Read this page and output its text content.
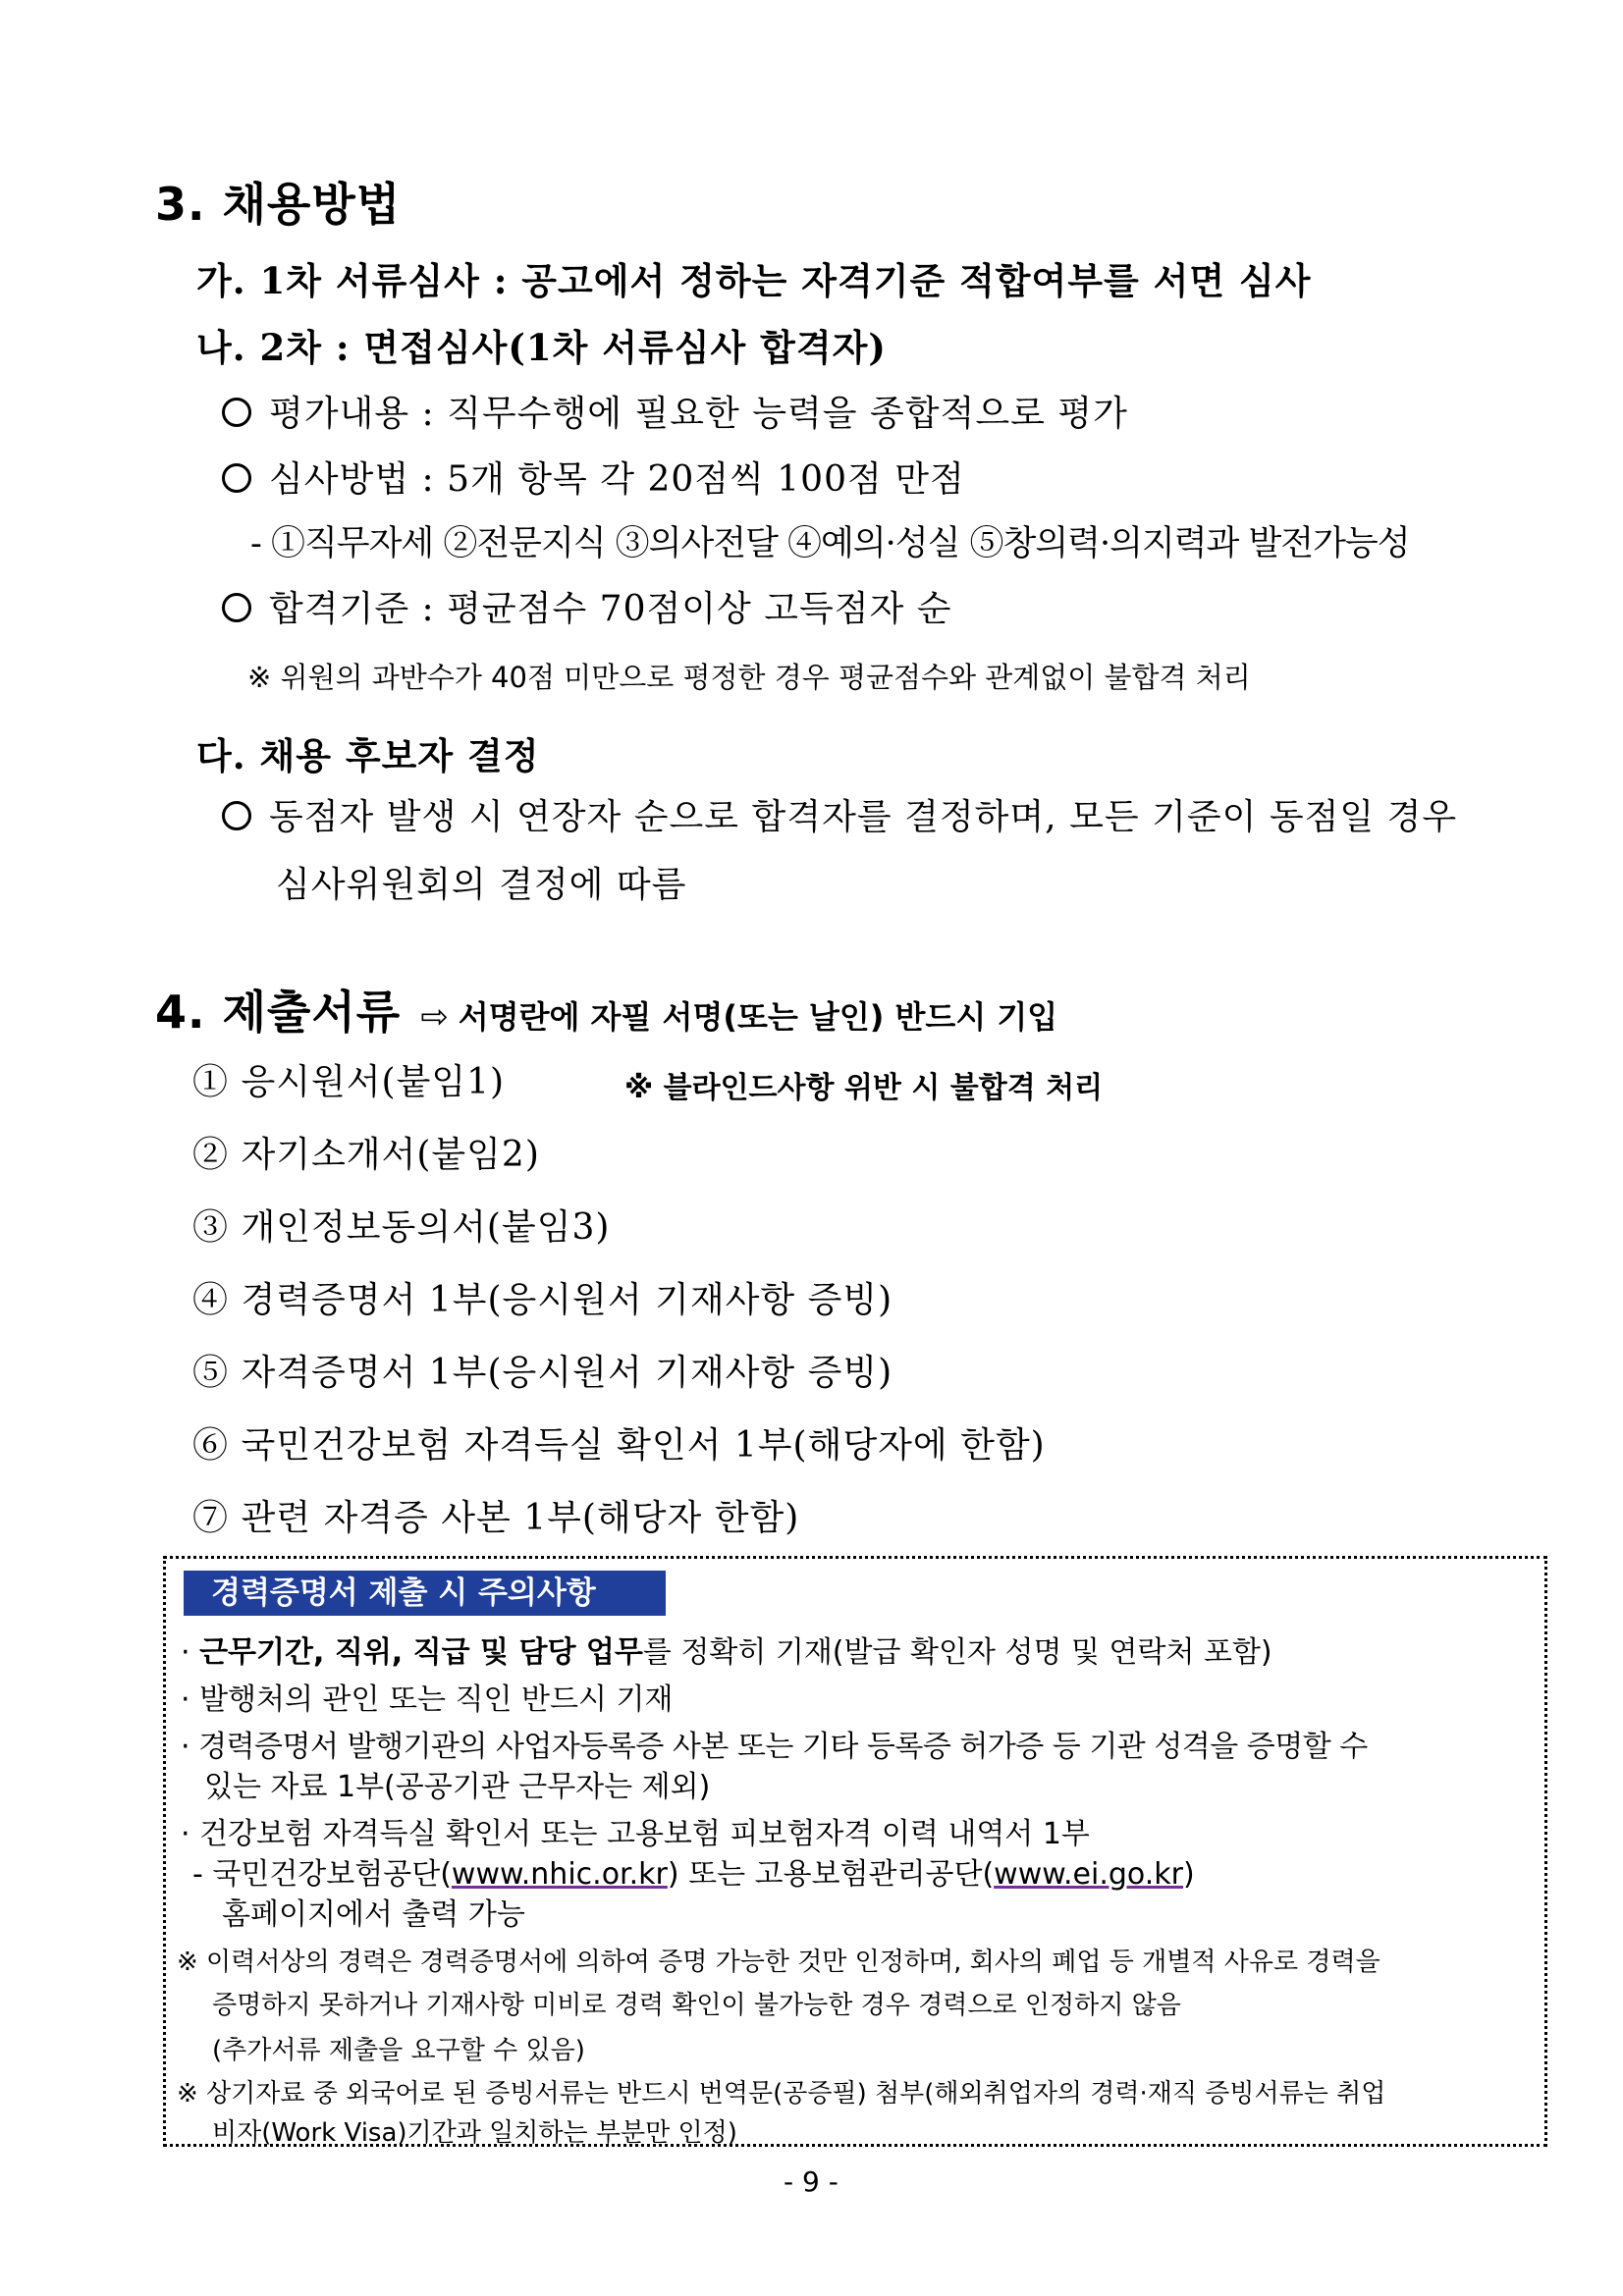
3. 채용방법
가. 1차 서류심사 : 공고에서 정하는 자격기준 적합여부를 서면 심사
나. 2차 : 면접심사(1차 서류심사 합격자)
평가내용 : 직무수행에 필요한 능력을 종합적으로 평가
심사방법 : 5개 항목 각 20점씩 100점 만점
- ①직무자세 ②전문지식 ③의사전달 ④예의·성실 ⑤창의력·의지력과 발전가능성
합격기준 : 평균점수 70점이상 고득점자 순
※ 위원의 과반수가 40점 미만으로 평정한 경우 평균점수와 관계없이 불합격 처리
다. 채용 후보자 결정
동점자 발생 시 연장자 순으로 합격자를 결정하며, 모든 기준이 동점일 경우
심사위원회의 결정에 따름
4. 제출서류 ⇨ 서명란에 자필 서명(또는 날인) 반드시 기입
① 응시원서(붙임1)	※ 블라인드사항 위반 시 불합격 처리
② 자기소개서(붙임2)
③ 개인정보동의서(붙임3)
④ 경력증명서 1부(응시원서 기재사항 증빙)
⑤ 자격증명서 1부(응시원서 기재사항 증빙)
⑥ 국민건강보험 자격득실 확인서 1부(해당자에 한함)
⑦ 관련 자격증 사본 1부(해당자 한함)
경력증명서 제출 시 주의사항
· 근무기간, 직위, 직급 및 담당 업무를 정확히 기재(발급 확인자 성명 및 연락처 포함)
· 발행처의 관인 또는 직인 반드시 기재
· 경력증명서 발행기관의 사업자등록증 사본 또는 기타 등록증 허가증 등 기관 성격을 증명할 수
있는 자료 1부(공공기관 근무자는 제외)
· 건강보험 자격득실 확인서 또는 고용보험 피보험자격 이력 내역서 1부
- 국민건강보험공단(www.nhic.or.kr) 또는 고용보험관리공단(www.ei.go.kr)
홈페이지에서 출력 가능
※ 이력서상의 경력은 경력증명서에 의하여 증명 가능한 것만 인정하며, 회사의 폐업 등 개별적 사유로 경력을
증명하지 못하거나 기재사항 미비로 경력 확인이 불가능한 경우 경력으로 인정하지 않음
(추가서류 제출을 요구할 수 있음)
※ 상기자료 중 외국어로 된 증빙서류는 반드시 번역문(공증필) 첨부(해외취업자의 경력·재직 증빙서류는 취업
비자(Work Visa)기간과 일치하는 부분만 인정)
- 9 -
